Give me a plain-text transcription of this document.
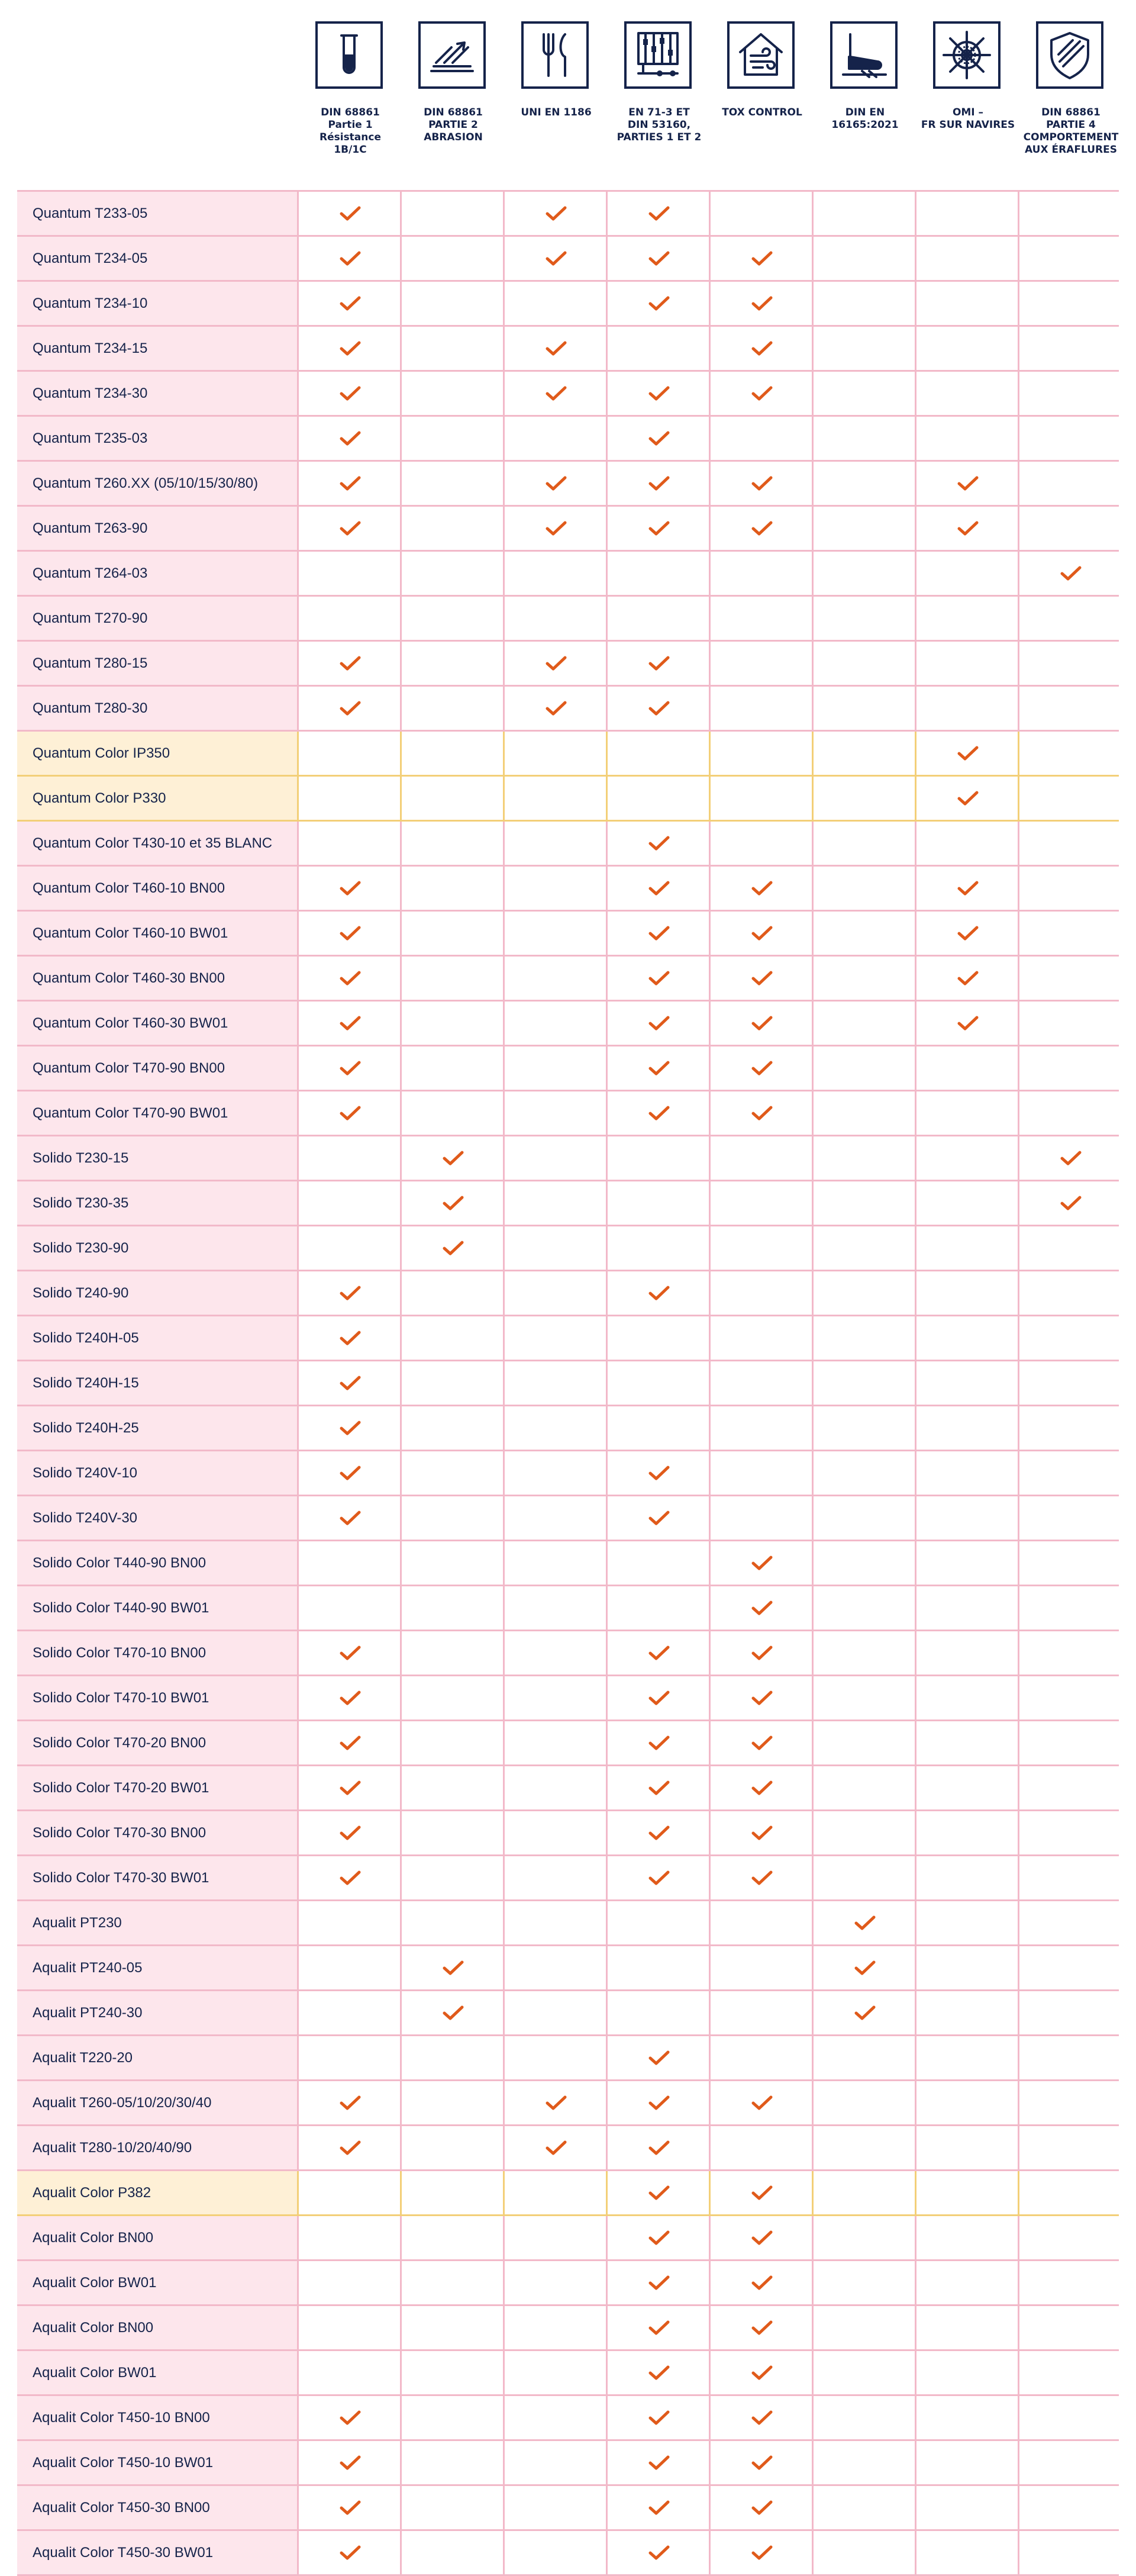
DIN 68861
Partie 1
Résistance
1B/1C
DIN 68861
PARTIE 2
ABRASION
UNI EN 1186	EN 71-3 ET
DIN 53160,
PARTIES 1 ET 2
TOX CONTROL	DIN EN
16165:2021
OMI –
FR SUR NAVIRES
DIN 68861
PARTIE 4
COMPORTEMENT
AUX ÉRAFLURES
Quantum T233-05
Quantum T234-05
Quantum T234-10
Quantum T234-15
Quantum T234-30
Quantum T235-03
Quantum T260.XX (05/10/15/30/80)
Quantum T263-90
Quantum T264-03
Quantum T270-90
Quantum T280-15
Quantum T280-30
Quantum Color IP350
Quantum Color P330
Quantum Color T430-10 et 35 BLANC
Quantum Color T460-10 BN00
Quantum Color T460-10 BW01
Quantum Color T460-30 BN00
Quantum Color T460-30 BW01
Quantum Color T470-90 BN00
Quantum Color T470-90 BW01
Solido T230-15
Solido T230-35
Solido T230-90
Solido T240-90
Solido T240H-05
Solido T240H-15
Solido T240H-25
Solido T240V-10
Solido T240V-30
Solido Color T440-90 BN00
Solido Color T440-90 BW01
Solido Color T470-10 BN00
Solido Color T470-10 BW01
Solido Color T470-20 BN00
Solido Color T470-20 BW01
Solido Color T470-30 BN00
Solido Color T470-30 BW01
Aqualit PT230
Aqualit PT240-05
Aqualit PT240-30
Aqualit T220-20
Aqualit T260-05/10/20/30/40
Aqualit T280-10/20/40/90
Aqualit Color P382
Aqualit Color BN00
Aqualit Color BW01
Aqualit Color BN00
Aqualit Color BW01
Aqualit Color T450-10 BN00
Aqualit Color T450-10 BW01
Aqualit Color T450-30 BN00
Aqualit Color T450-30 BW01
